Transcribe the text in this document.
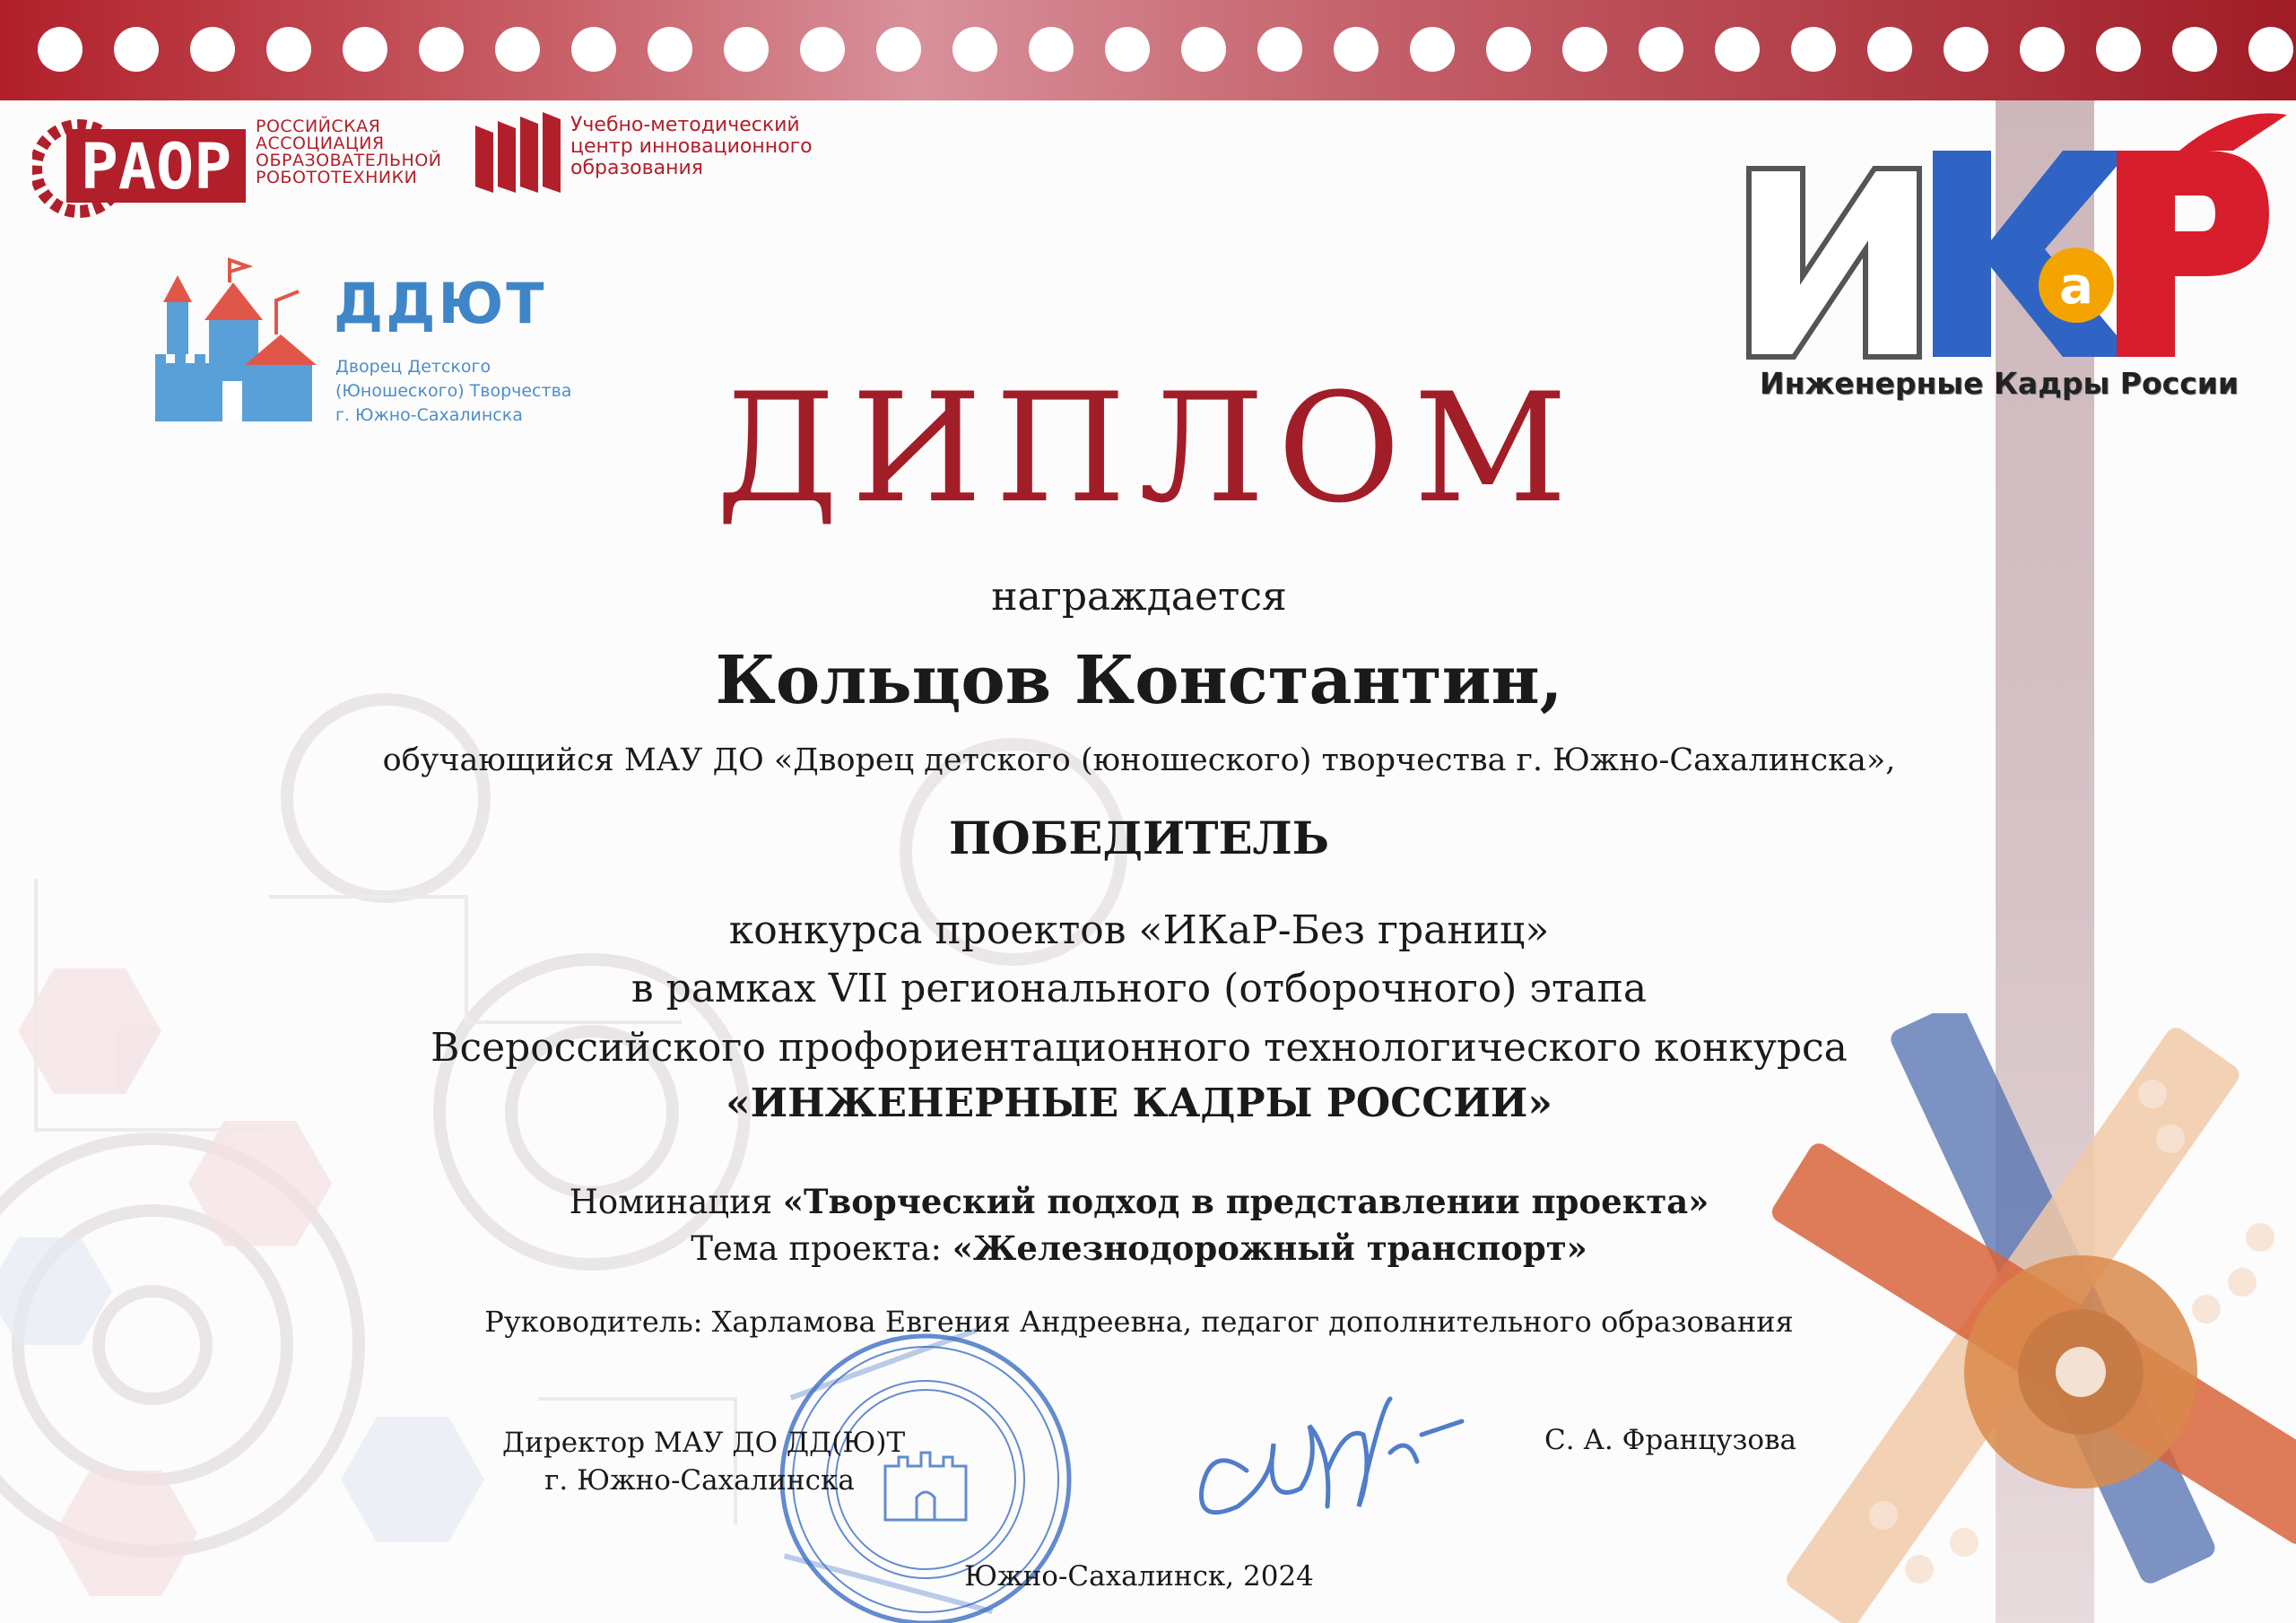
РАОР
РОССИЙСКАЯ
АССОЦИАЦИЯ
ОБРАЗОВАТЕЛЬНОЙ
РОБОТОТЕХНИКИ
Учебно-методический
центр инновационного
образования
ДДЮТ
Дворец Детского
(Юношеского) Творчества
г. Южно-Сахалинска
а
Инженерные Кадры России
ДИПЛОМ
награждается
Кольцов Константин,
обучающийся МАУ ДО «Дворец детского (юношеского) творчества г. Южно-Сахалинска»,
ПОБЕДИТЕЛЬ
конкурса проектов «ИКаР-Без границ»
в рамках VII регионального (отборочного) этапа
Всероссийского профориентационного технологического конкурса
«ИНЖЕНЕРНЫЕ КАДРЫ РОССИИ»
Номинация «Творческий подход в представлении проекта»
Тема проекта: «Железнодорожный транспорт»
Руководитель: Харламова Евгения Андреевна, педагог дополнительного образования
Директор МАУ ДО ДД(Ю)Т
г. Южно-Сахалинска
С. А. Французова
Южно-Сахалинск, 2024
